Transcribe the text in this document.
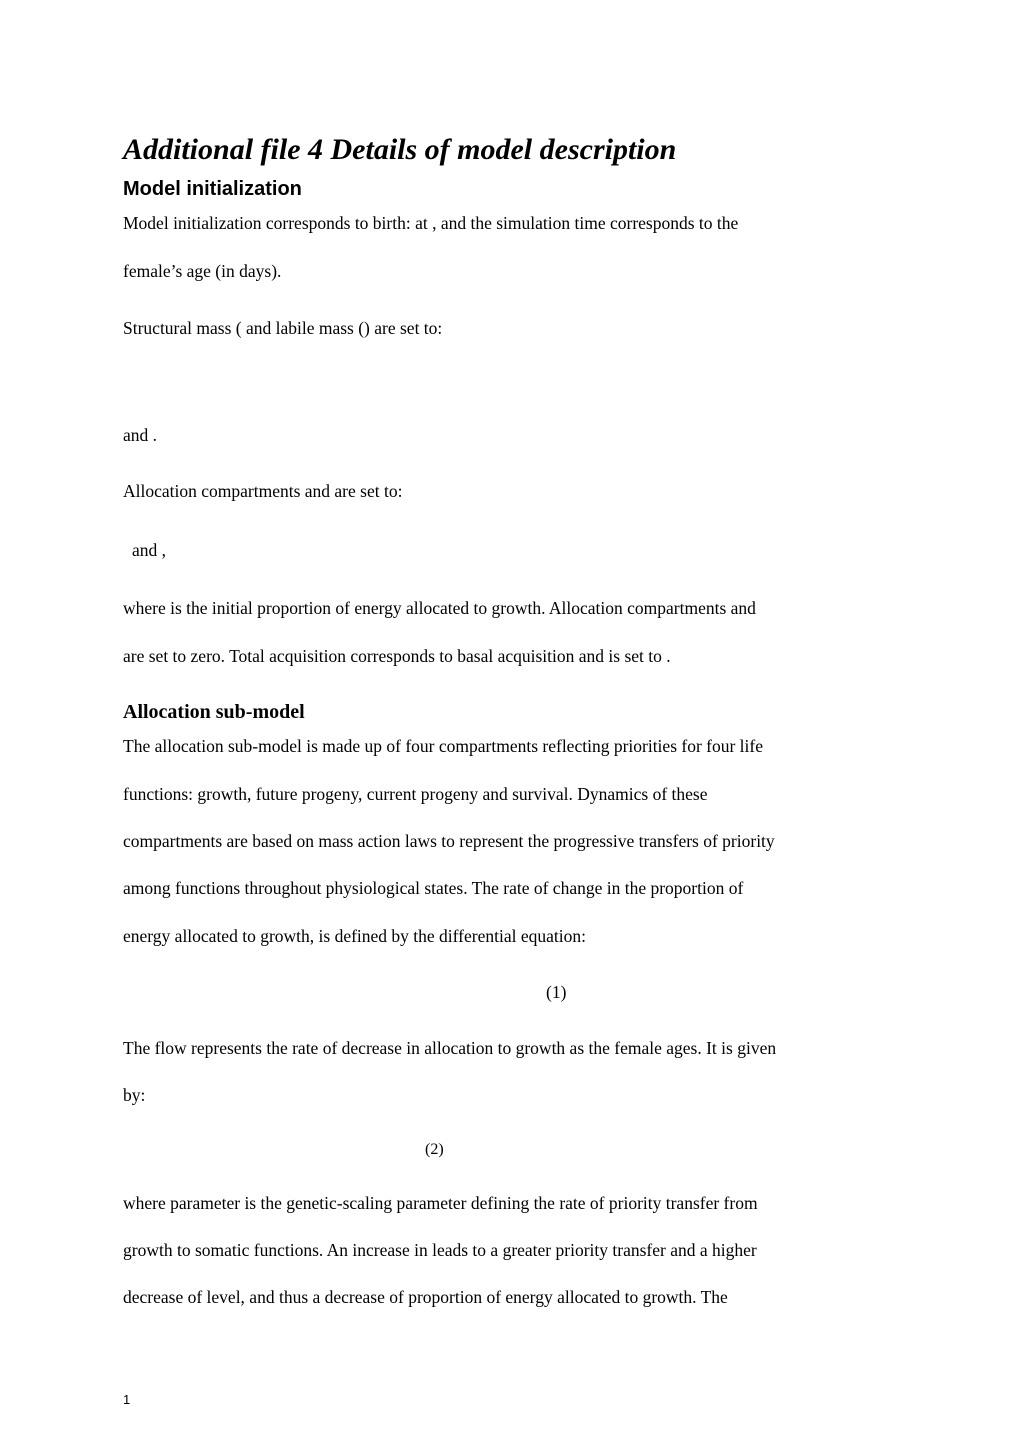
Additional file 4 Details of model description
Model initialization

Model initialization corresponds to birth: at , and the simulation time corresponds to the

female’s age (in days).

Structural mass ( and labile mass () are set to:

and .

Allocation compartments and are set to:

and ,

where is the initial proportion of energy allocated to growth. Allocation compartments and

are set to zero. Total acquisition corresponds to basal acquisition and is set to .

Allocation sub-model

The allocation sub-model is made up of four compartments reflecting priorities for four life

functions: growth, future progeny, current progeny and survival. Dynamics of these

compartments are based on mass action laws to represent the progressive transfers of priority

among functions throughout physiological states. The rate of change in the proportion of

energy allocated to growth, is defined by the differential equation:

(1)

The flow represents the rate of decrease in allocation to growth as the female ages. It is given

by:

(2)

where parameter is the genetic-scaling parameter defining the rate of priority transfer from

growth to somatic functions. An increase in leads to a greater priority transfer and a higher

decrease of level, and thus a decrease of proportion of energy allocated to growth. The

1
